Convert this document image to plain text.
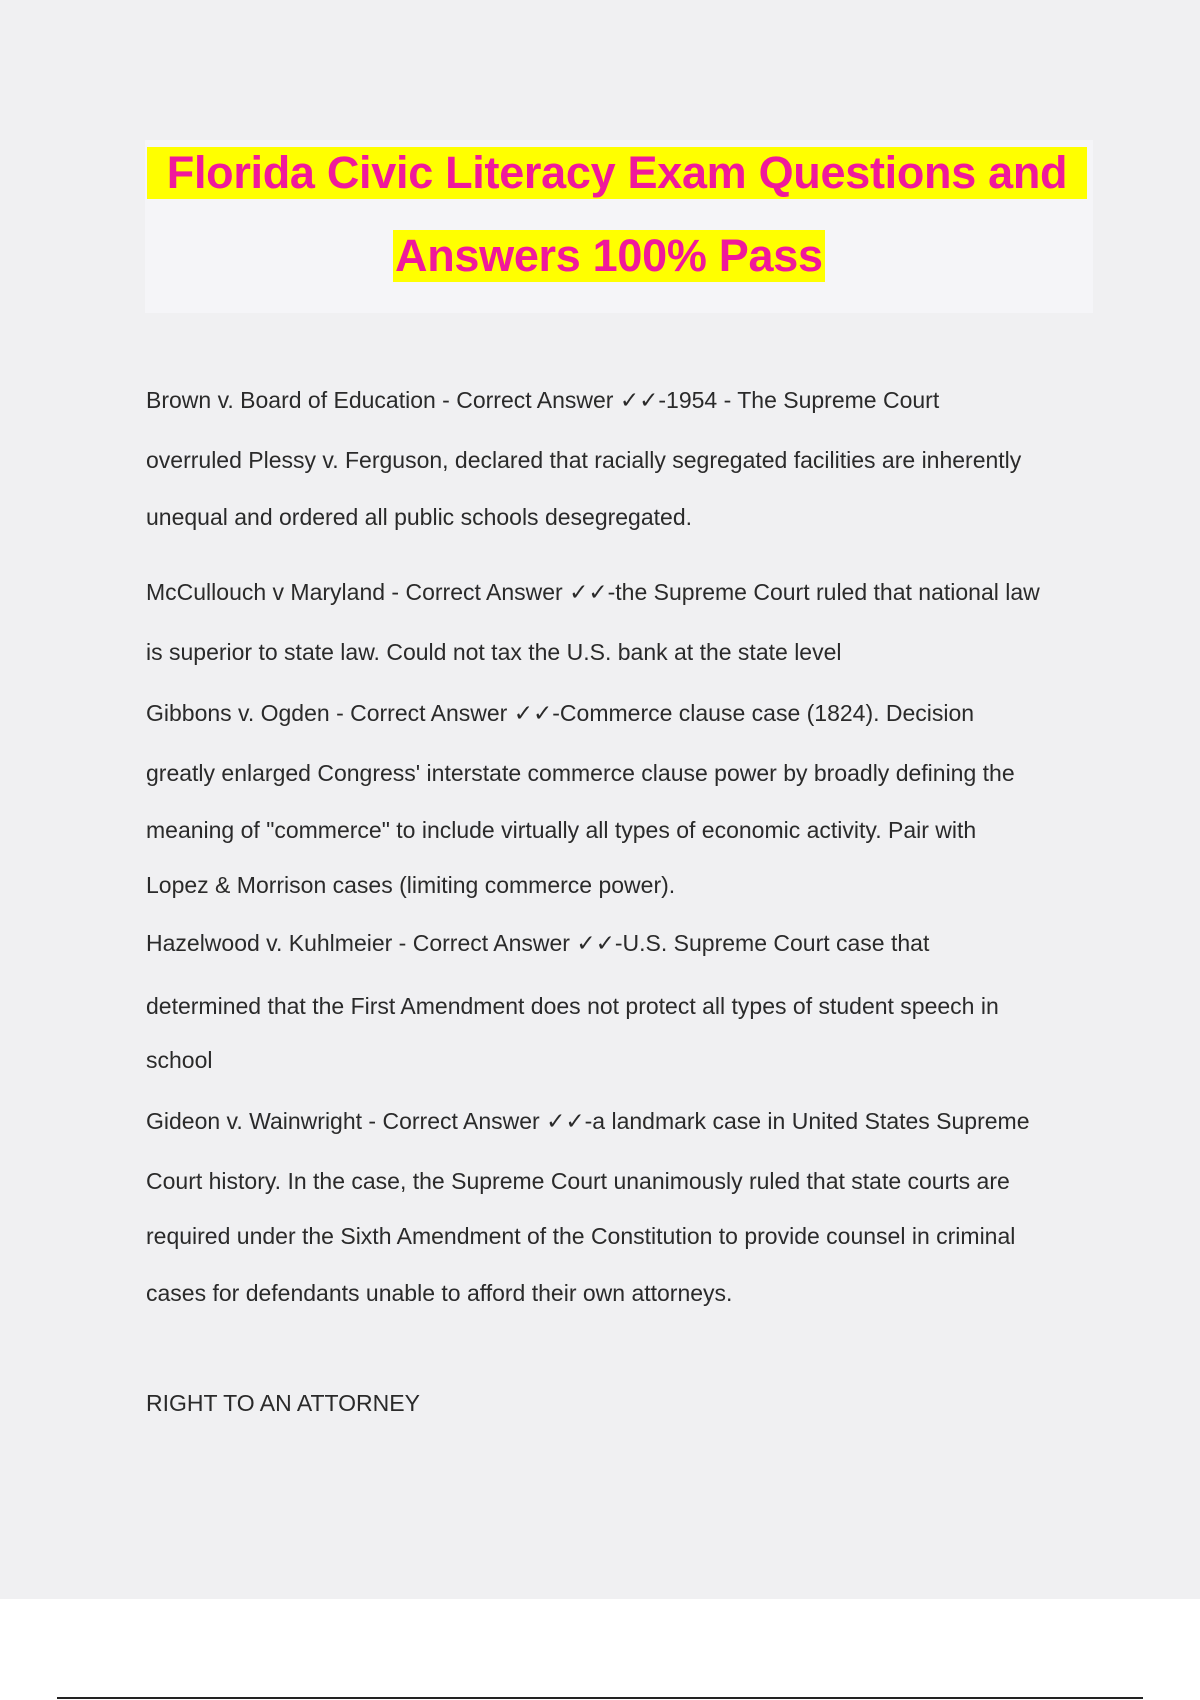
Florida Civic Literacy Exam Questions and
Answers 100% Pass
Brown v. Board of Education - Correct Answer ✓✓-1954 - The Supreme Court
overruled Plessy v. Ferguson, declared that racially segregated facilities are inherently
unequal and ordered all public schools desegregated.
McCullouch v Maryland - Correct Answer ✓✓-the Supreme Court ruled that national law
is superior to state law. Could not tax the U.S. bank at the state level
Gibbons v. Ogden - Correct Answer ✓✓-Commerce clause case (1824). Decision
greatly enlarged Congress' interstate commerce clause power by broadly defining the
meaning of "commerce" to include virtually all types of economic activity. Pair with
Lopez & Morrison cases (limiting commerce power).
Hazelwood v. Kuhlmeier - Correct Answer ✓✓-U.S. Supreme Court case that
determined that the First Amendment does not protect all types of student speech in
school
Gideon v. Wainwright - Correct Answer ✓✓-a landmark case in United States Supreme
Court history. In the case, the Supreme Court unanimously ruled that state courts are
required under the Sixth Amendment of the Constitution to provide counsel in criminal
cases for defendants unable to afford their own attorneys.
RIGHT TO AN ATTORNEY
